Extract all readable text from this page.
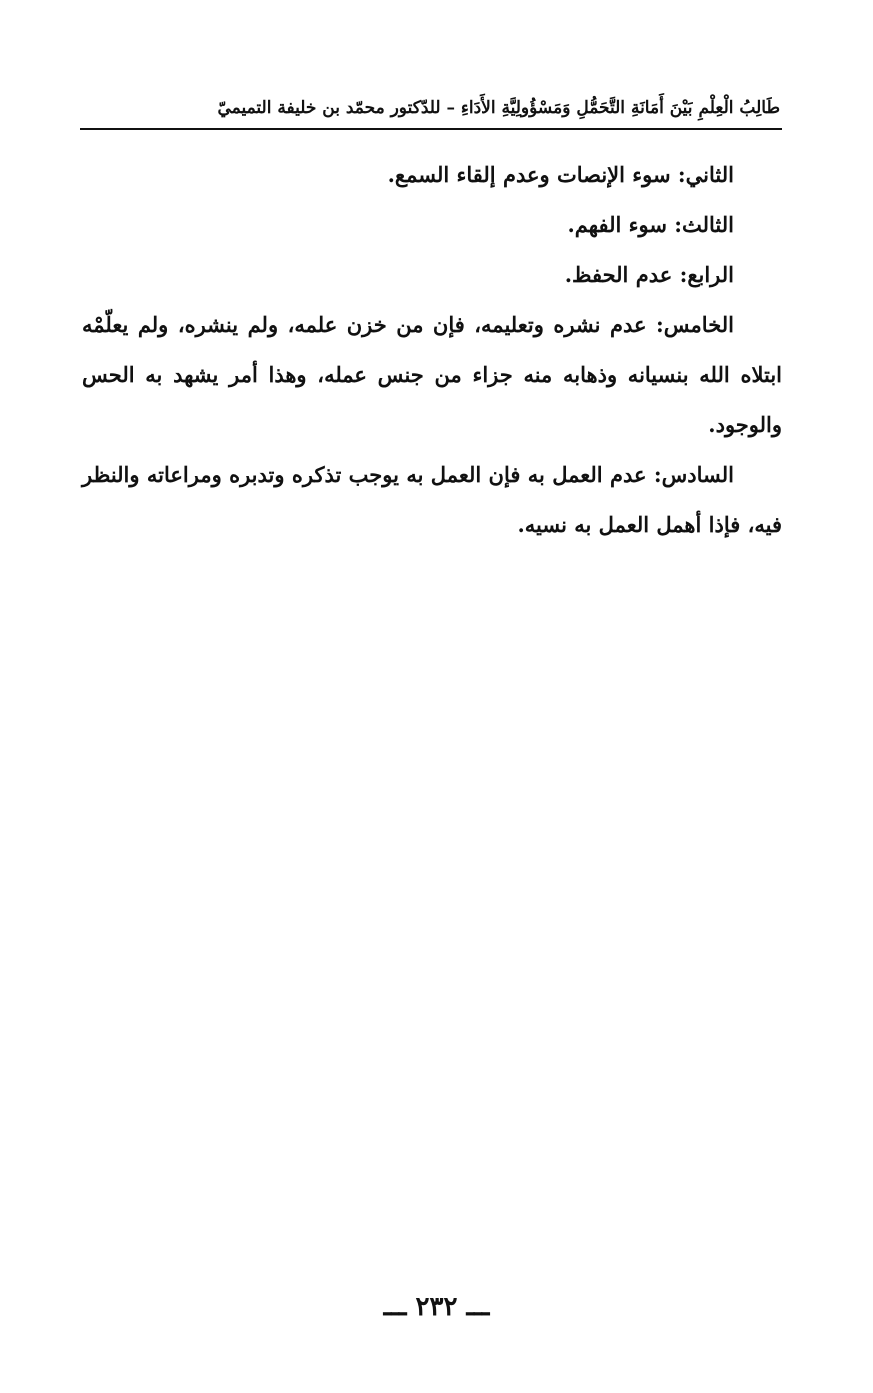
طَالِبُ الْعِلْمِ بَيْنَ أَمَانَةِ التَّحَمُّلِ وَمَسْؤُولِيَّةِ الأَدَاءِ – للدّكتور محمّد بن خليفة التميميّ

الثاني: سوء الإنصات وعدم إلقاء السمع.

الثالث: سوء الفهم.

الرابع: عدم الحفظ.

الخامس: عدم نشره وتعليمه، فإن من خزن علمه، ولم ينشره، ولم يعلّمْه ابتلاه الله بنسيانه وذهابه منه جزاء من جنس عمله، وهذا أمر يشهد به الحس والوجود.

السادس: عدم العمل به فإن العمل به يوجب تذكره وتدبره ومراعاته والنظر فيه، فإذا أهمل العمل به نسيه.

ـــ ٢٣٢ ـــ
